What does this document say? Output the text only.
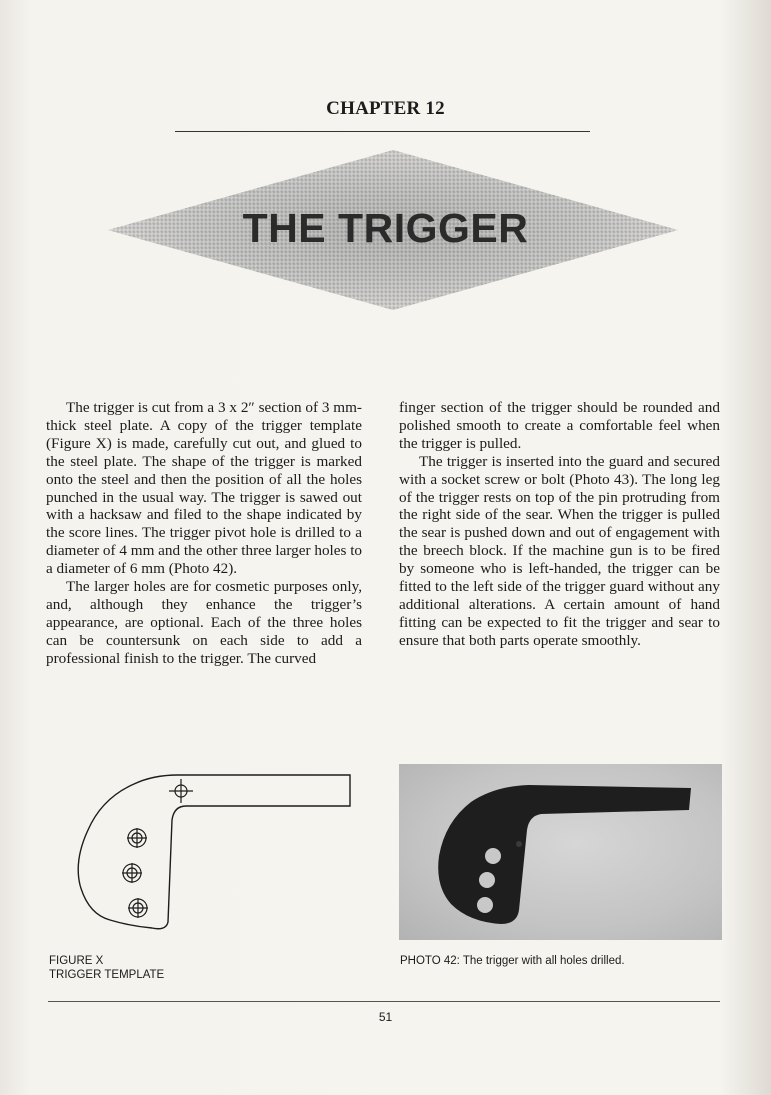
CHAPTER 12
THE TRIGGER

The trigger is cut from a 3 x 2″ section of 3 mm-thick steel plate. A copy of the trigger template (Figure X) is made, carefully cut out, and glued to the steel plate. The shape of the trigger is marked onto the steel and then the position of all the holes punched in the usual way. The trigger is sawed out with a hacksaw and filed to the shape indicated by the score lines. The trigger pivot hole is drilled to a diameter of 4 mm and the other three larger holes to a diameter of 6 mm (Photo 42).

The larger holes are for cosmetic purposes only, and, although they enhance the trigger’s appearance, are optional. Each of the three holes can be countersunk on each side to add a professional finish to the trigger. The curved

finger section of the trigger should be rounded and polished smooth to create a comfortable feel when the trigger is pulled.

The trigger is inserted into the guard and secured with a socket screw or bolt (Photo 43). The long leg of the trigger rests on top of the pin protruding from the right side of the sear. When the trigger is pulled the sear is pushed down and out of engagement with the breech block. If the machine gun is to be fired by someone who is left-handed, the trigger can be fitted to the left side of the trigger guard without any additional alterations. A certain amount of hand fitting can be expected to fit the trigger and sear to ensure that both parts operate smoothly.

FIGURE X
TRIGGER TEMPLATE
PHOTO 42: The trigger with all holes drilled.
51
